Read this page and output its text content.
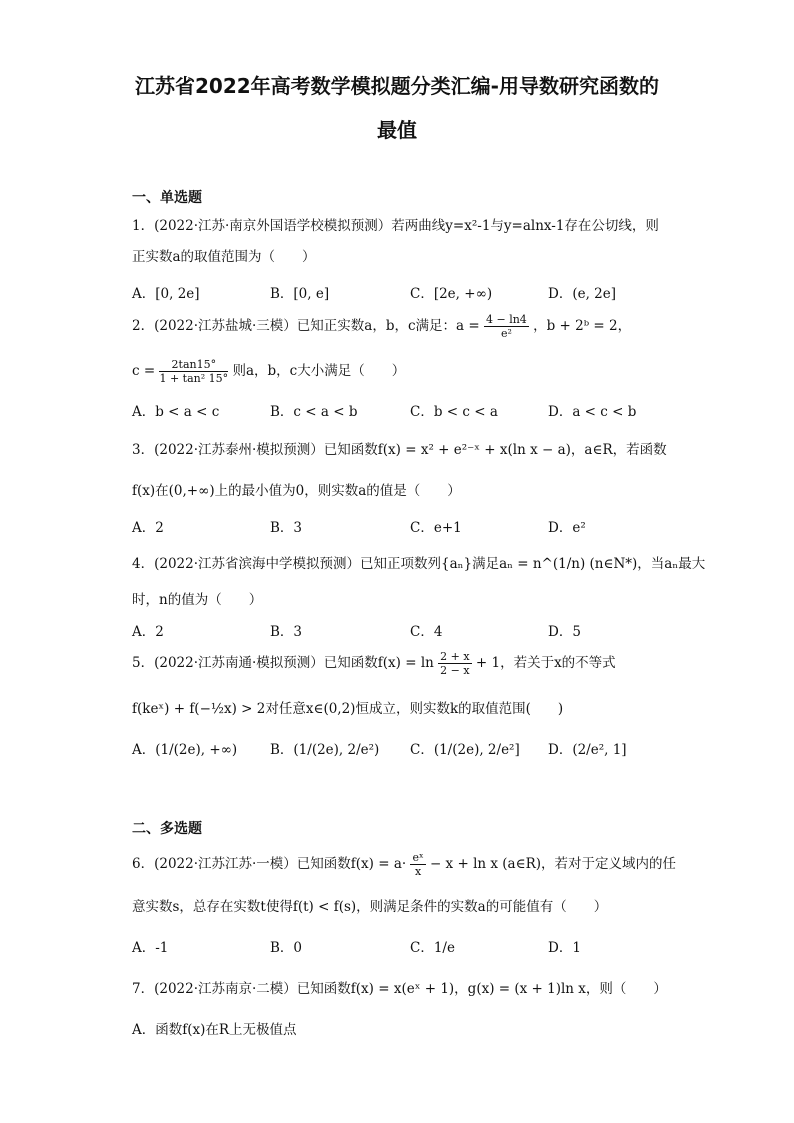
江苏省2022年高考数学模拟题分类汇编-用导数研究函数的
最值
一、单选题
1．(2022·江苏·南京外国语学校模拟预测）若两曲线y=x²-1与y=alnx-1存在公切线，则
正实数a的取值范围为（　　）
A．[0, 2e]	B．[0, e]	C．[2e, +∞)	D．(e, 2e]
2．(2022·江苏盐城·三模）已知正实数a，b，c满足：$a = \frac{4 - \ln 4}{\text{e²}}$ ，b + 2ᵇ = 2，
$c = \frac{2\tan 15^\circ}{\text{1 + tan² 15°}}$ 则a，b，c大小满足（　　）
A．b < a < c	B．c < a < b	C．b < c < a	D．a < c < b
3．(2022·江苏泰州·模拟预测）已知函数f(x) = x² + e²⁻ˣ + x(ln x − a)，a∈R，若函数
f(x)在(0,+∞)上的最小值为0，则实数a的值是（　　）
A．2	B．3	C．e+1	D．e²
4．(2022·江苏省滨海中学模拟预测）已知正项数列{aₙ}满足aₙ = n^(1/n) (n∈N*)，当aₙ最大
时，n的值为（　　）
A．2	B．3	C．4	D．5
5．(2022·江苏南通·模拟预测）已知函数$f(x) = \ln \frac{2 + x}{2 - x} + 1$，若关于x的不等式
f(keˣ) + f(−½x) > 2对任意x∈(0,2)恒成立，则实数k的取值范围(　　)
A．(1/(2e), +∞) B．(1/(2e), 2/e²) C．(1/(2e), 2/e²] D．(2/e², 1]
二、多选题
6．(2022·江苏江苏·一模）已知函数$f(x) = a\cdot \frac{\text{eˣ}}{x} - x + \ln x$ (a∈R)，若对于定义域内的任
意实数s，总存在实数t使得f(t) < f(s)，则满足条件的实数a的可能值有（　　）
A．-1	B．0	C．1/e	D．1
7．(2022·江苏南京·二模）已知函数f(x) = x(eˣ + 1)，g(x) = (x + 1)ln x，则（　　）
A．函数f(x)在R上无极值点
